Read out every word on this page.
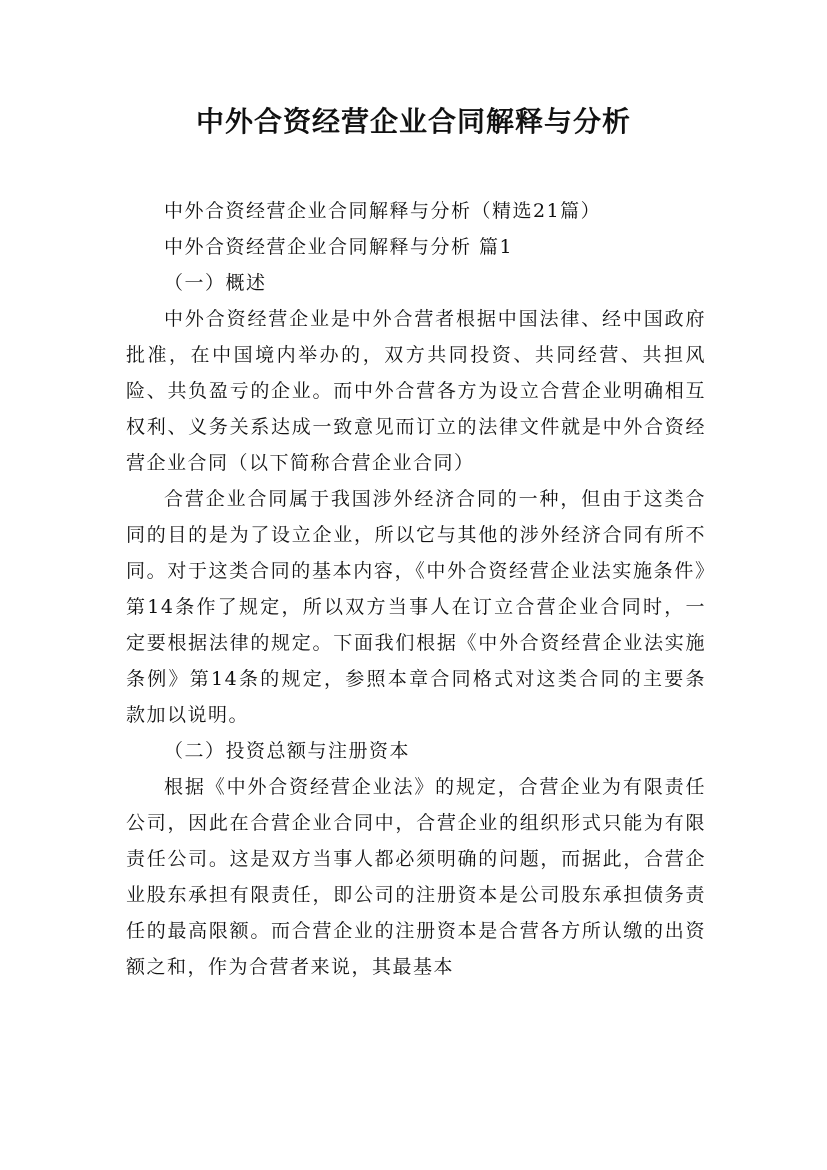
中外合资经营企业合同解释与分析

中外合资经营企业合同解释与分析（精选21篇）

中外合资经营企业合同解释与分析 篇1

（一）概述

中外合资经营企业是中外合营者根据中国法律、经中国政府批准，在中国境内举办的，双方共同投资、共同经营、共担风险、共负盈亏的企业。而中外合营各方为设立合营企业明确相互权利、义务关系达成一致意见而订立的法律文件就是中外合资经营企业合同（以下简称合营企业合同）

合营企业合同属于我国涉外经济合同的一种，但由于这类合同的目的是为了设立企业，所以它与其他的涉外经济合同有所不同。对于这类合同的基本内容，《中外合资经营企业法实施条件》第14条作了规定，所以双方当事人在订立合营企业合同时，一定要根据法律的规定。下面我们根据《中外合资经营企业法实施条例》第14条的规定，参照本章合同格式对这类合同的主要条款加以说明。

（二）投资总额与注册资本

根据《中外合资经营企业法》的规定，合营企业为有限责任公司，因此在合营企业合同中，合营企业的组织形式只能为有限责任公司。这是双方当事人都必须明确的问题，而据此，合营企业股东承担有限责任，即公司的注册资本是公司股东承担债务责任的最高限额。而合营企业的注册资本是合营各方所认缴的出资额之和，作为合营者来说，其最基本
